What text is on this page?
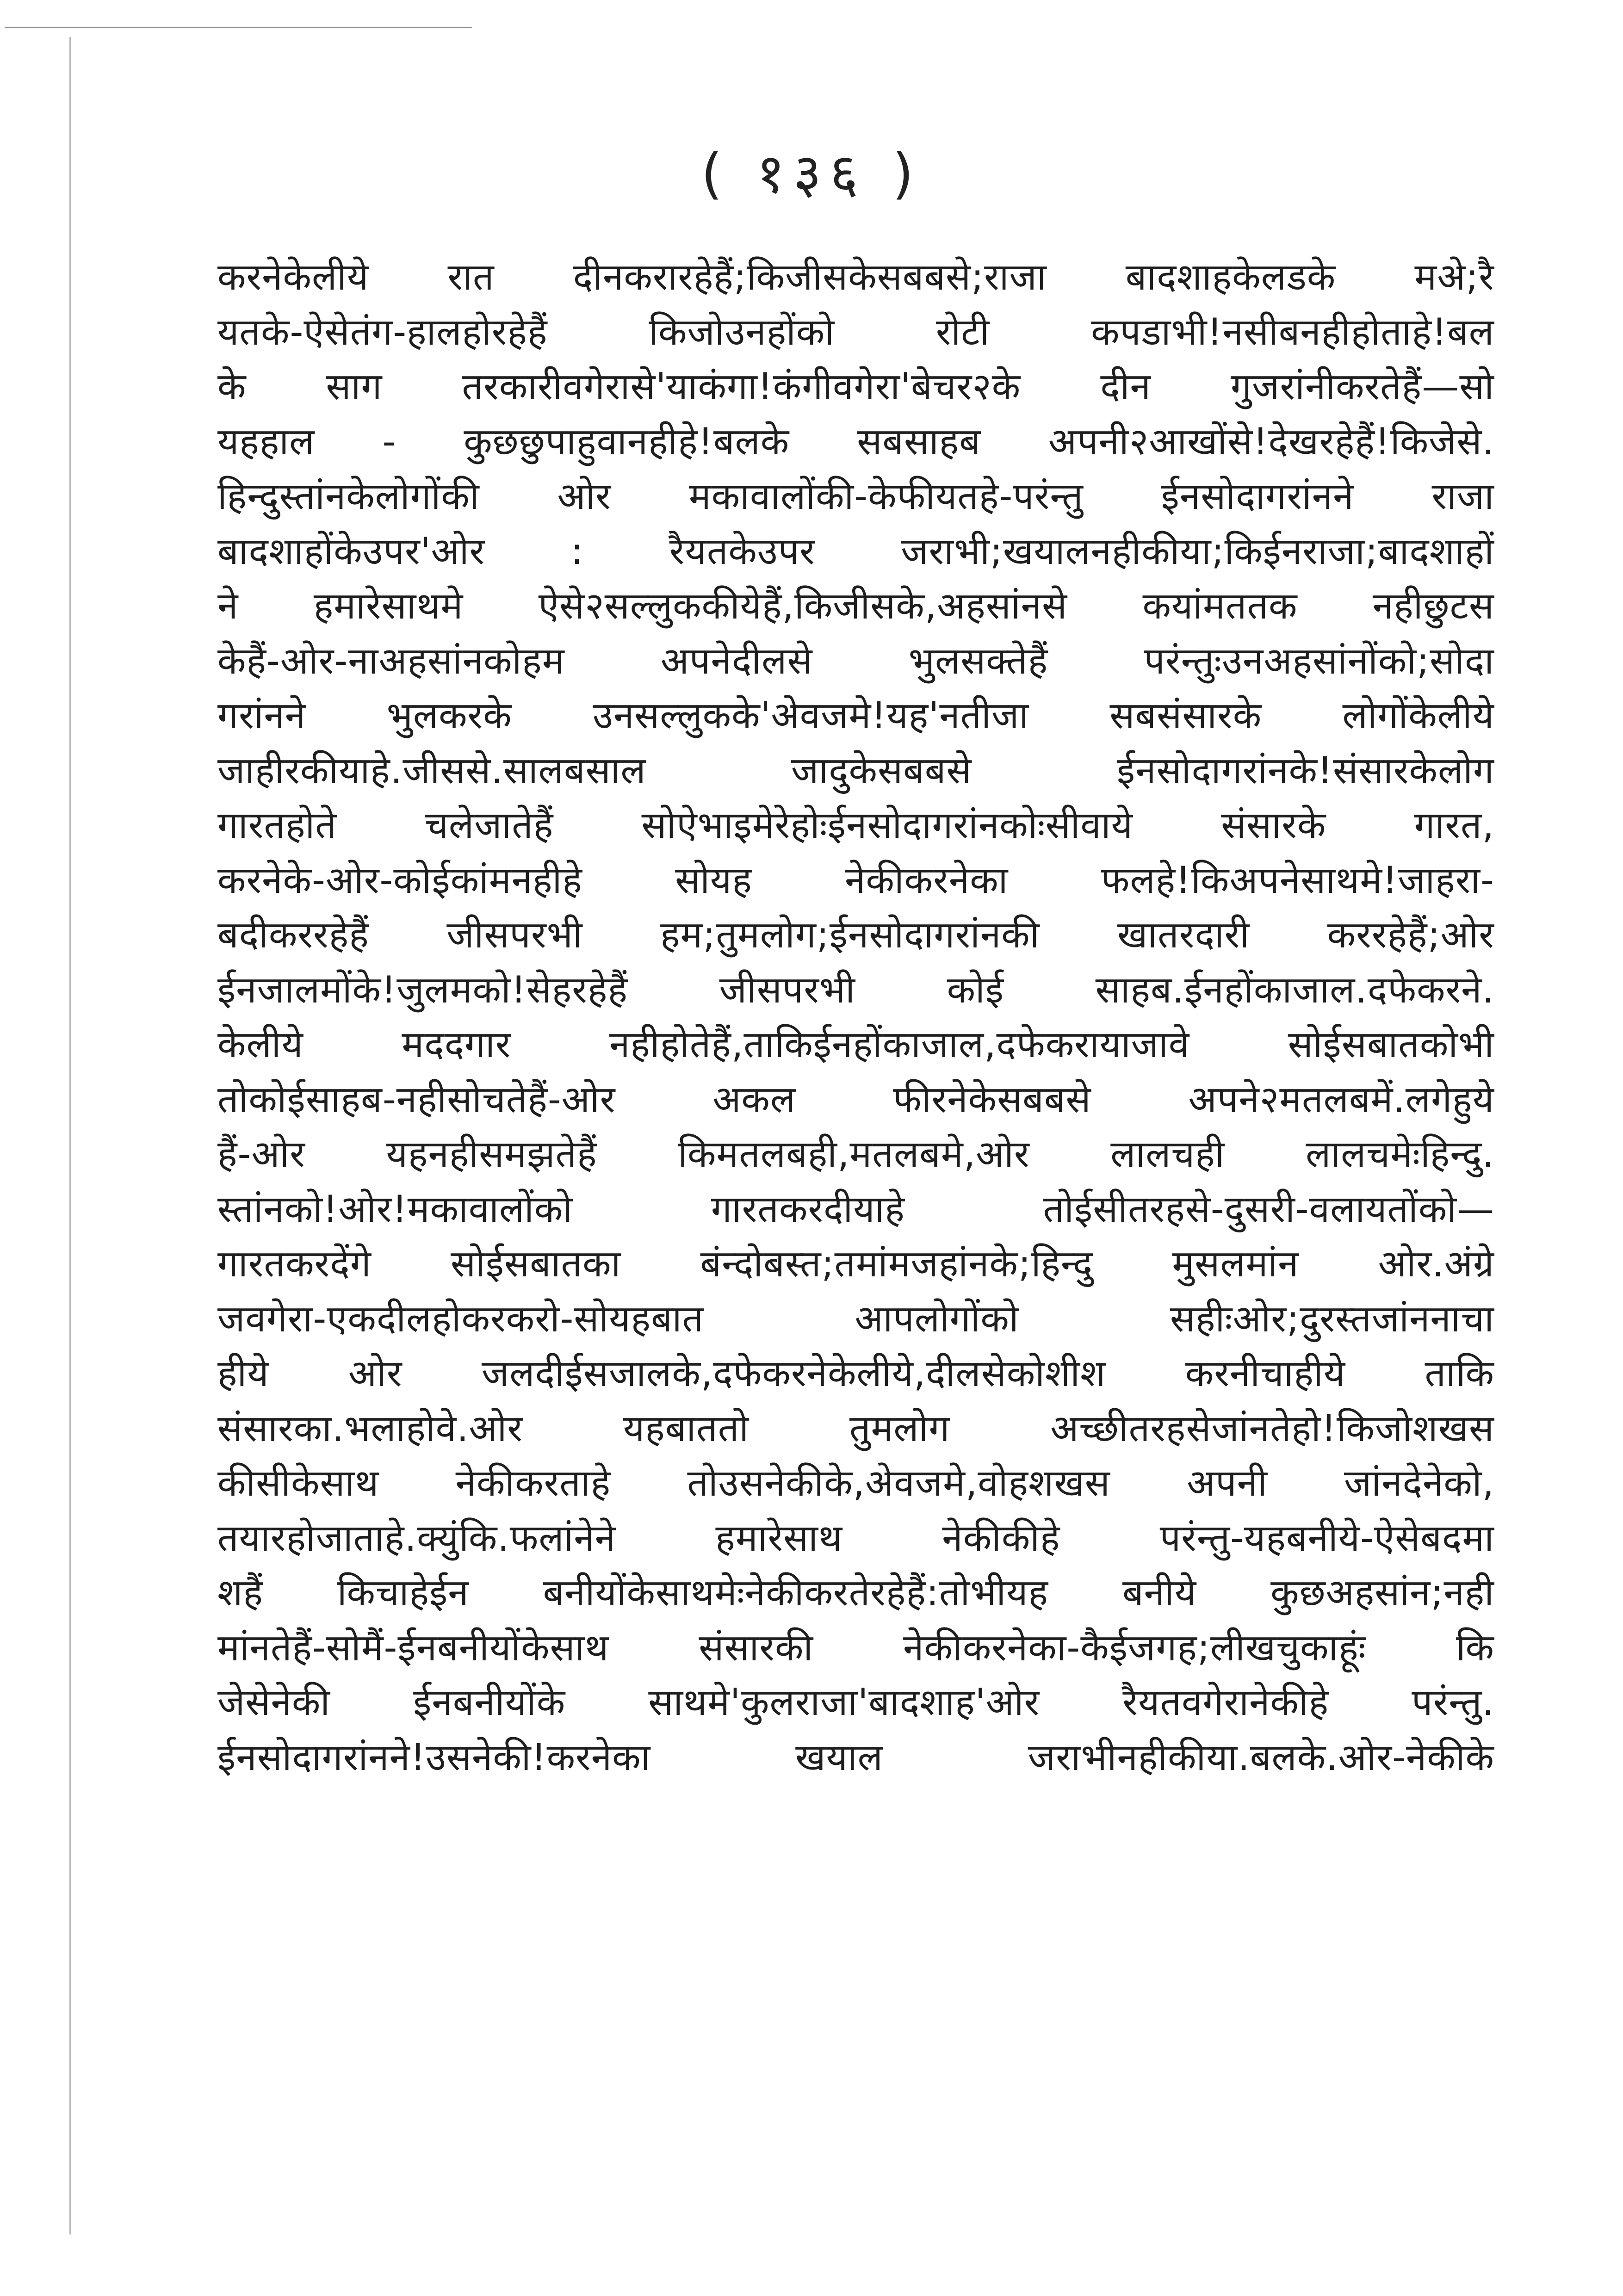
( १३६ )
करनेकेलीये रात दीनकरारहेहैं;किजीसकेसबबसे;राजा बादशाहकेलडके मअे;रै
यतके-ऐसेतंग-हालहोरहेहैं किजोउनहोंको रोटी कपडाभी!नसीबनहीहोताहे!बल
के साग तरकारीवगेरासे'याकंगा!कंगीवगेरा'बेचर२के दीन गुजरांनीकरतेहैं—सो
यहहाल - कुछछुपाहुवानहीहे!बलके सबसाहब अपनी२आखोंसे!देखरहेहैं!किजेसे.
हिन्दुस्तांनकेलोगोंकी ओर मकावालोंकी-केफीयतहे-परंन्तु ईनसोदागरांनने राजा
बादशाहोंकेउपर'ओर : रैयतकेउपर जराभी;खयालनहीकीया;किईनराजा;बादशाहों
ने हमारेसाथमे ऐसे२सल्लुककीयेहैं,किजीसके,अहसांनसे कयांमततक नहीछुटस
केहैं-ओर-नाअहसांनकोहम अपनेदीलसे भुलसक्तेहैं परंन्तुःउनअहसांनोंको;सोदा
गरांनने भुलकरके उनसल्लुकके'अेवजमे!यह'नतीजा सबसंसारके लोगोंकेलीये
जाहीरकीयाहे.जीससे.सालबसाल जादुकेसबबसे ईनसोदागरांनके!संसारकेलोग
गारतहोते चलेजातेहैं सोऐभाइमेरेहोःईनसोदागरांनकोःसीवाये संसारके गारत,
करनेके-ओर-कोईकांमनहीहे सोयह नेकीकरनेका फलहे!किअपनेसाथमे!जाहरा-
बदीकररहेहैं जीसपरभी हम;तुमलोग;ईनसोदागरांनकी खातरदारी कररहेहैं;ओर
ईनजालमोंके!जुलमको!सेहरहेहैं जीसपरभी कोई साहब.ईनहोंकाजाल.दफेकरने.
केलीये मददगार नहीहोतेहैं,ताकिईनहोंकाजाल,दफेकरायाजावे सोईसबातकोभी
तोकोईसाहब-नहीसोचतेहैं-ओर अकल फीरनेकेसबबसे अपने२मतलबमें.लगेहुये
हैं-ओर यहनहीसमझतेहैं किमतलबही,मतलबमे,ओर लालचही लालचमेःहिन्दु.
स्तांनको!ओर!मकावालोंको गारतकरदीयाहे तोईसीतरहसे-दुसरी-वलायतोंको—
गारतकरदेंगे सोईसबातका बंन्दोबस्त;तमांमजहांनके;हिन्दु मुसलमांन ओर.अंग्रे
जवगेरा-एकदीलहोकरकरो-सोयहबात आपलोगोंको सहीःओर;दुरस्तजांननाचा
हीये ओर जलदीईसजालके,दफेकरनेकेलीये,दीलसेकोशीश करनीचाहीये ताकि
संसारका.भलाहोवे.ओर यहबाततो तुमलोग अच्छीतरहसेजांनतेहो!किजोशखस
कीसीकेसाथ नेकीकरताहे तोउसनेकीके,अेवजमे,वोहशखस अपनी जांनदेनेको,
तयारहोजाताहे.क्युंकि.फलांनेने हमारेसाथ नेकीकीहे परंन्तु-यहबनीये-ऐसेबदमा
शहैं किचाहेईन बनीयोंकेसाथमेःनेकीकरतेरहेहैं:तोभीयह बनीये कुछअहसांन;नही
मांनतेहैं-सोमैं-ईनबनीयोंकेसाथ संसारकी नेकीकरनेका-कैईजगह;लीखचुकाहूंः कि
जेसेनेकी ईनबनीयोंके साथमे'कुलराजा'बादशाह'ओर रैयतवगेरानेकीहे परंन्तु.
ईनसोदागरांनने!उसनेकी!करनेका खयाल जराभीनहीकीया.बलके.ओर-नेकीके
